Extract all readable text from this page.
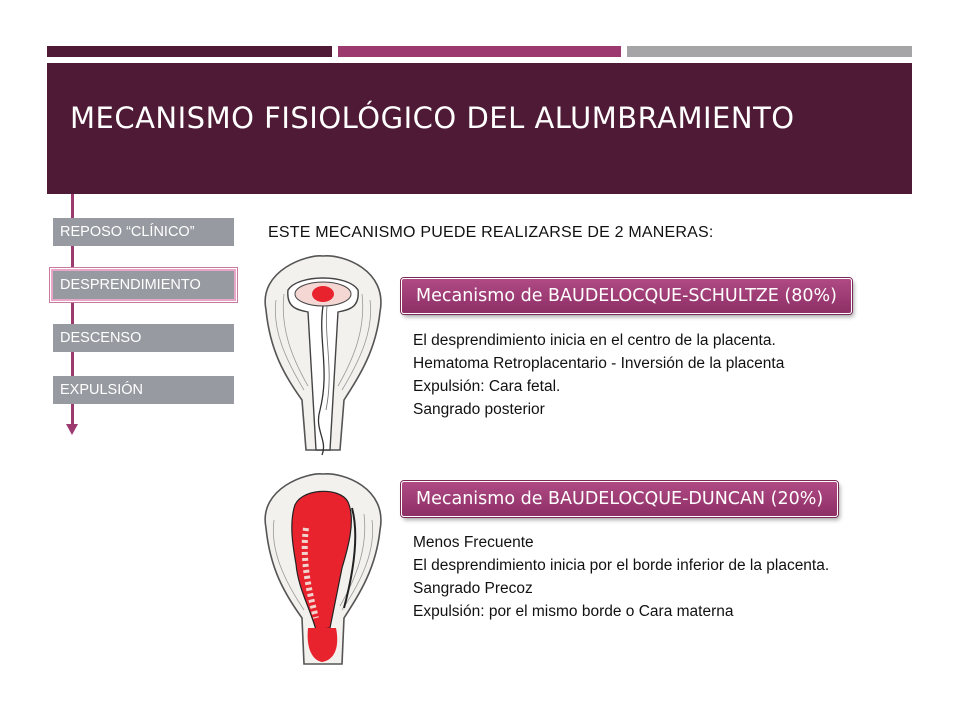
MECANISMO FISIOLÓGICO DEL ALUMBRAMIENTO
REPOSO “CLÍNICO”
DESPRENDIMIENTO
DESCENSO
EXPULSIÓN
ESTE MECANISMO PUEDE REALIZARSE DE 2 MANERAS:
Mecanismo de BAUDELOCQUE-SCHULTZE (80%)
El desprendimiento inicia en el centro de la placenta.
Hematoma Retroplacentario - Inversión de la placenta
Expulsión: Cara fetal.
Sangrado posterior
Mecanismo de BAUDELOCQUE-DUNCAN (20%)
Menos Frecuente
El desprendimiento inicia por el borde inferior de la placenta.
Sangrado Precoz
Expulsión: por el mismo borde o Cara materna
